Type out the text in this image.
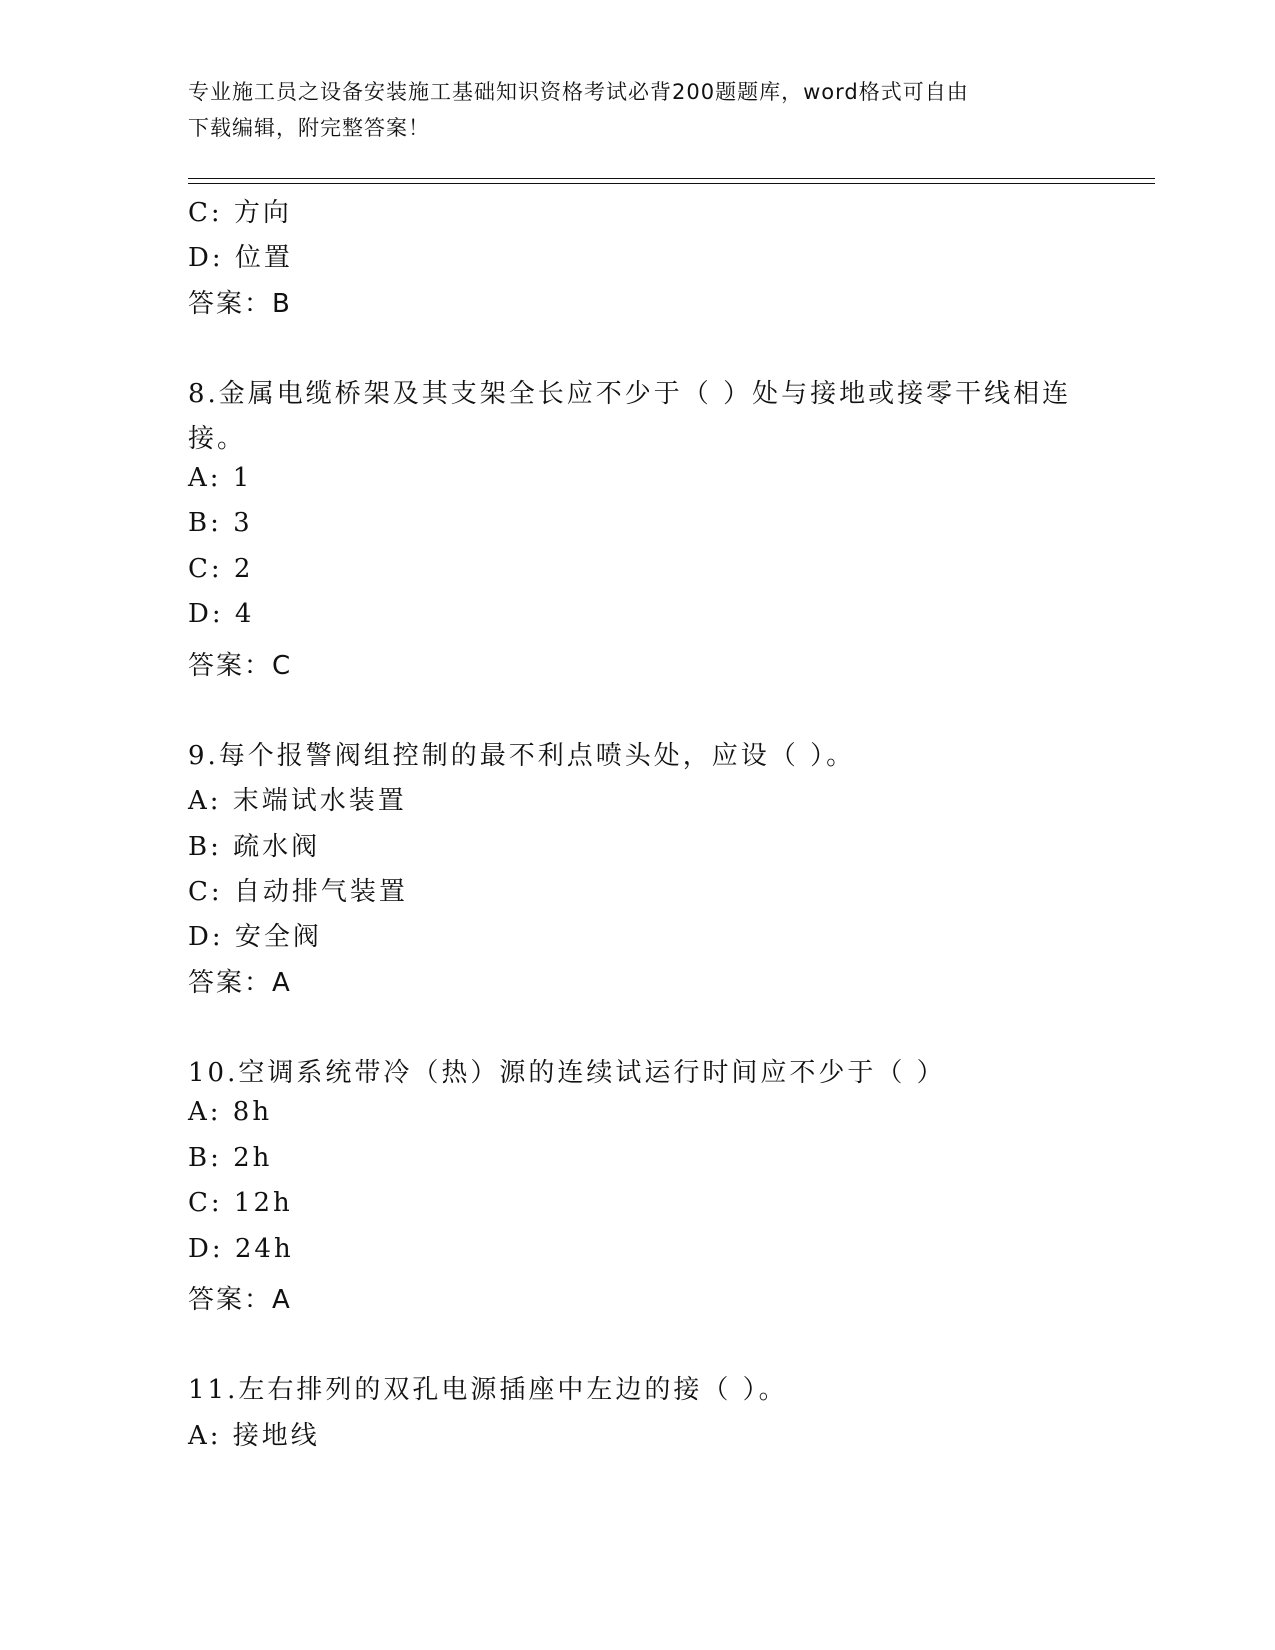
专业施工员之设备安装施工基础知识资格考试必背200题题库，word格式可自由
下载编辑，附完整答案！
C: 方向
D: 位置
答案：B
8.金属电缆桥架及其支架全长应不少于（ ）处与接地或接零干线相连
接。
A: 1
B: 3
C: 2
D: 4
答案：C
9.每个报警阀组控制的最不利点喷头处，应设（ ）。
A: 末端试水装置
B: 疏水阀
C: 自动排气装置
D: 安全阀
答案：A
10.空调系统带冷（热）源的连续试运行时间应不少于（ ）
A: 8h
B: 2h
C: 12h
D: 24h
答案：A
11.左右排列的双孔电源插座中左边的接（ ）。
A: 接地线
